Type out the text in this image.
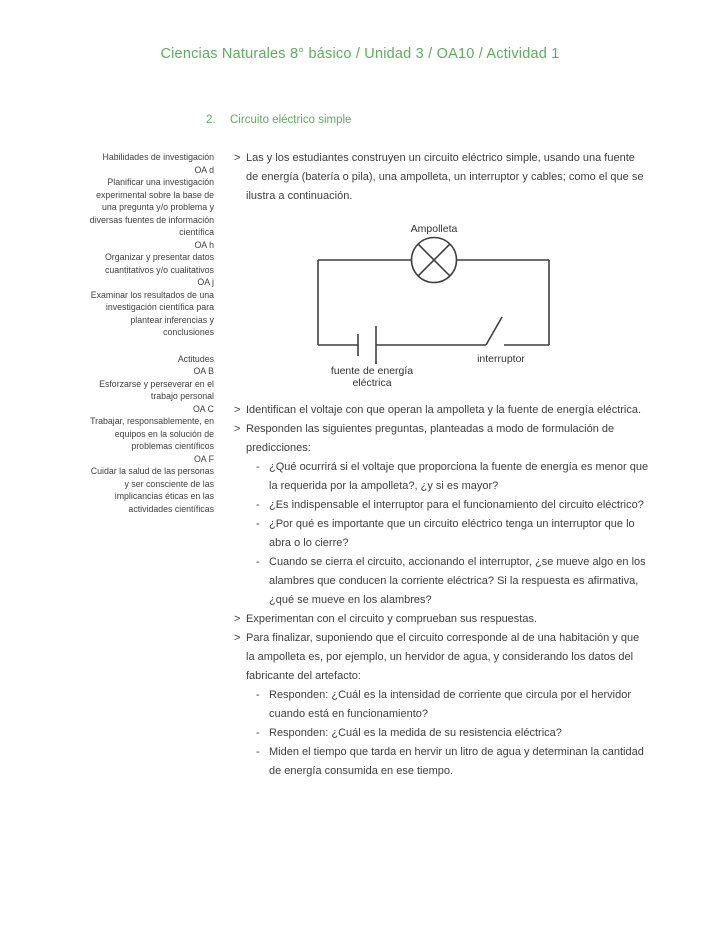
Ciencias Naturales 8° básico / Unidad 3 / OA10 / Actividad 1
Habilidades de investigación
OA d
Planificar una investigación experimental sobre la base de una pregunta y/o problema y diversas fuentes de información científica
OA h
Organizar y presentar datos cuantitativos y/o cualitativos
OA j
Examinar los resultados de una investigación científica para plantear inferencias y conclusiones
Actitudes
OA B
Esforzarse y perseverar en el trabajo personal
OA C
Trabajar, responsablemente, en equipos en la solución de problemas científicos
OA F
Cuidar la salud de las personas y ser consciente de las implicancias éticas en las actividades científicas
2.	Circuito eléctrico simple
> Las y los estudiantes construyen un circuito eléctrico simple, usando una fuente de energía (batería o pila), una ampolleta, un interruptor y cables; como el que se ilustra a continuación.

Ampolleta
interruptor
fuente de energía
eléctrica
> Identifican el voltaje con que operan la ampolleta y la fuente de energía eléctrica.

> Responden las siguientes preguntas, planteadas a modo de formulación de predicciones:

- ¿Qué ocurrirá si el voltaje que proporciona la fuente de energía es menor que la requerida por la ampolleta?, ¿y si es mayor?

- ¿Es indispensable el interruptor para el funcionamiento del circuito eléctrico?

- ¿Por qué es importante que un circuito eléctrico tenga un interruptor que lo abra o lo cierre?

- Cuando se cierra el circuito, accionando el interruptor, ¿se mueve algo en los alambres que conducen la corriente eléctrica? Si la respuesta es afirmativa, ¿qué se mueve en los alambres?

> Experimentan con el circuito y comprueban sus respuestas.

> Para finalizar, suponiendo que el circuito corresponde al de una habitación y que la ampolleta es, por ejemplo, un hervidor de agua, y considerando los datos del fabricante del artefacto:

- Responden: ¿Cuál es la intensidad de corriente que circula por el hervidor cuando está en funcionamiento?

- Responden: ¿Cuál es la medida de su resistencia eléctrica?

- Miden el tiempo que tarda en hervir un litro de agua y determinan la cantidad de energía consumida en ese tiempo.
